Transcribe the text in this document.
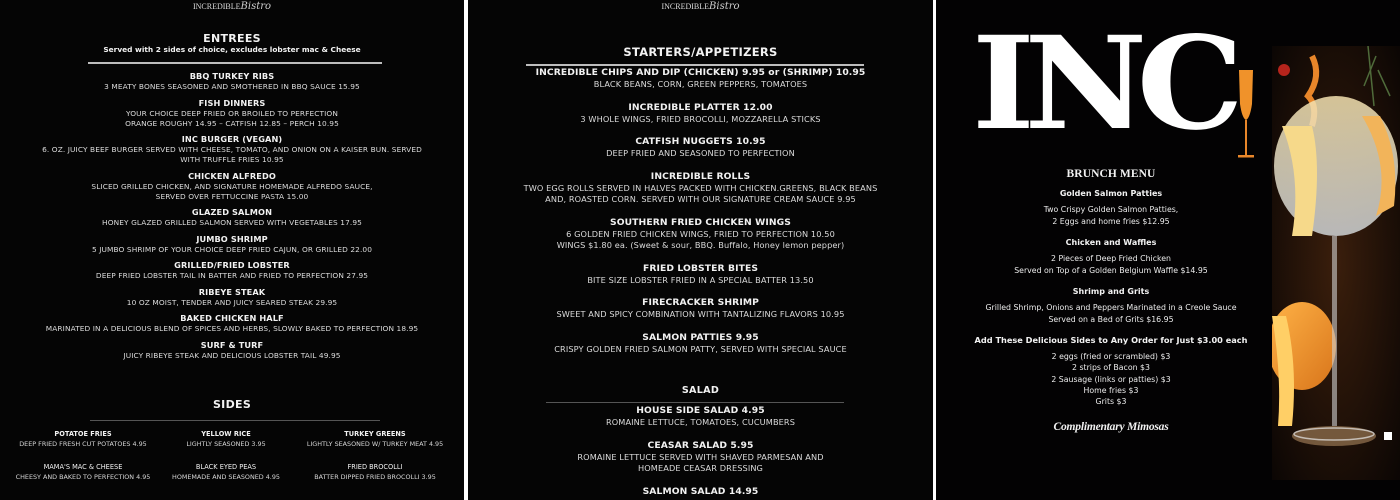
INCREDIBLEBistro
ENTREES
Served with 2 sides of choice, excludes lobster mac & Cheese
BBQ TURKEY RIBS
3 MEATY BONES SEASONED AND SMOTHERED IN BBQ SAUCE 15.95
FISH DINNERS
YOUR CHOICE DEEP FRIED OR BROILED TO PERFECTION
ORANGE ROUGHY 14.95 – CATFISH 12.85 – PERCH 10.95
INC BURGER (VEGAN)
6. OZ. JUICY BEEF BURGER SERVED WITH CHEESE, TOMATO, AND ONION ON A KAISER BUN. SERVED
WITH TRUFFLE FRIES 10.95
CHICKEN ALFREDO
SLICED GRILLED CHICKEN, AND SIGNATURE HOMEMADE ALFREDO SAUCE,
SERVED OVER FETTUCCINE PASTA 15.00
GLAZED SALMON
HONEY GLAZED GRILLED SALMON SERVED WITH VEGETABLES 17.95
JUMBO SHRIMP
5 JUMBO SHRIMP OF YOUR CHOICE DEEP FRIED CAJUN, OR GRILLED 22.00
GRILLED/FRIED LOBSTER
DEEP FRIED LOBSTER TAIL IN BATTER AND FRIED TO PERFECTION 27.95
RIBEYE STEAK
10 OZ MOIST, TENDER AND JUICY SEARED STEAK 29.95
BAKED CHICKEN HALF
MARINATED IN A DELICIOUS BLEND OF SPICES AND HERBS, SLOWLY BAKED TO PERFECTION 18.95
SURF & TURF
JUICY RIBEYE STEAK AND DELICIOUS LOBSTER TAIL 49.95
SIDES
POTATOE FRIES
DEEP FRIED FRESH CUT POTATOES 4.95
YELLOW RICE
LIGHTLY SEASONED 3.95
TURKEY GREENS
LIGHTLY SEASONED W/ TURKEY MEAT 4.95
MAMA'S MAC & CHEESE
CHEESY AND BAKED TO PERFECTION 4.95
BLACK EYED PEAS
HOMEMADE AND SEASONED 4.95
FRIED BROCOLLI
BATTER DIPPED FRIED BROCOLLI 3.95
INCREDIBLEBistro
STARTERS/APPETIZERS
INCREDIBLE CHIPS AND DIP (CHICKEN) 9.95 or (SHRIMP) 10.95
BLACK BEANS, CORN, GREEN PEPPERS, TOMATOES
INCREDIBLE PLATTER 12.00
3 WHOLE WINGS, FRIED BROCOLLI, MOZZARELLA STICKS
CATFISH NUGGETS 10.95
DEEP FRIED AND SEASONED TO PERFECTION
INCREDIBLE ROLLS
TWO EGG ROLLS SERVED IN HALVES PACKED WITH CHICKEN.GREENS, BLACK BEANS
AND, ROASTED CORN. SERVED WITH OUR SIGNATURE CREAM SAUCE 9.95
SOUTHERN FRIED CHICKEN WINGS
6 GOLDEN FRIED CHICKEN WINGS, FRIED TO PERFECTION 10.50
WINGS $1.80 ea. (Sweet & sour, BBQ. Buffalo, Honey lemon pepper)
FRIED LOBSTER BITES
BITE SIZE LOBSTER FRIED IN A SPECIAL BATTER 13.50
FIRECRACKER SHRIMP
SWEET AND SPICY COMBINATION WITH TANTALIZING FLAVORS 10.95
SALMON PATTIES 9.95
CRISPY GOLDEN FRIED SALMON PATTY, SERVED WITH SPECIAL SAUCE
SALAD
HOUSE SIDE SALAD 4.95
ROMAINE LETTUCE, TOMATOES, CUCUMBERS
CEASAR SALAD 5.95
ROMAINE LETTUCE SERVED WITH SHAVED PARMESAN AND
HOMEADE CEASAR DRESSING
SALMON SALAD 14.95
INC
BRUNCH MENU
Golden Salmon Patties
Two Crispy Golden Salmon Patties,
2 Eggs and home fries $12.95
Chicken and Waffles
2 Pieces of Deep Fried Chicken
Served on Top of a Golden Belgium Waffle $14.95
Shrimp and Grits
Grilled Shrimp, Onions and Peppers Marinated in a Creole Sauce
Served on a Bed of Grits $16.95
Add These Delicious Sides to Any Order for Just $3.00 each
2 eggs (fried or scrambled) $3
2 strips of Bacon $3
2 Sausage (links or patties) $3
Home fries $3
Grits $3
Complimentary Mimosas
